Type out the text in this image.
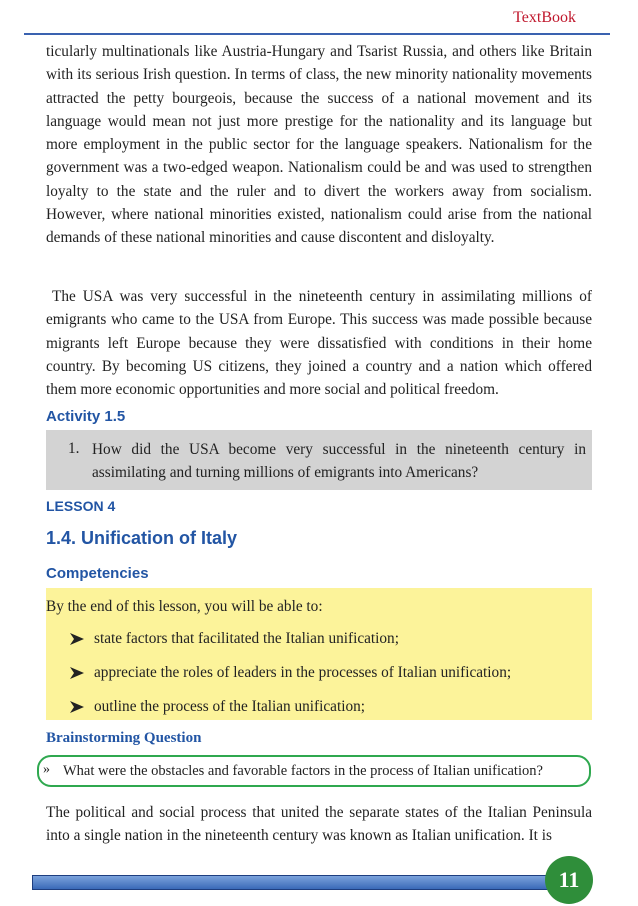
TextBook

ticularly multinationals like Austria-Hungary and Tsarist Russia, and others like Britain with its serious Irish question. In terms of class, the new minority nationality movements attracted the petty bourgeois, because the success of a national movement and its language would mean not just more prestige for the nationality and its language but more employment in the public sector for the language speakers. Nationalism for the government was a two-edged weapon. Nationalism could be and was used to strengthen loyalty to the state and the ruler and to divert the workers away from socialism. However, where national minorities existed, nationalism could arise from the national demands of these national minorities and cause discontent and disloyalty.

The USA was very successful in the nineteenth century in assimilating millions of emigrants who came to the USA from Europe. This success was made possible because migrants left Europe because they were dissatisfied with conditions in their home country. By becoming US citizens, they joined a country and a nation which offered them more economic opportunities and more social and political freedom.

Activity 1.5
1. How did the USA become very successful in the nineteenth century in assimilating and turning millions of emigrants into Americans?

LESSON 4
1.4. Unification of Italy
Competencies

By the end of this lesson, you will be able to:

state factors that facilitated the Italian unification;
appreciate the roles of leaders in the processes of Italian unification;
outline the process of the Italian unification;
Brainstorming Question
» What were the obstacles and favorable factors in the process of Italian unification?

The political and social process that united the separate states of the Italian Peninsula into a single nation in the nineteenth century was known as Italian unification. It is

11
